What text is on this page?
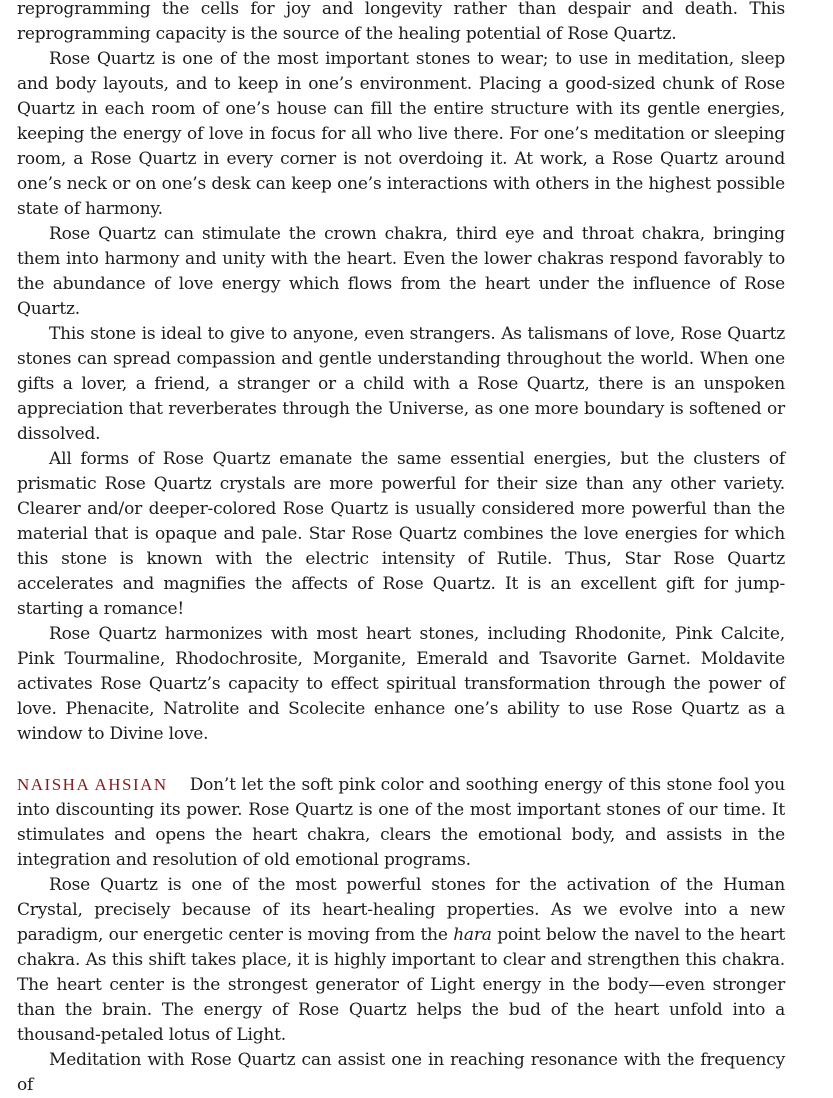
reprogramming the cells for joy and longevity rather than despair and death. This reprogramming capacity is the source of the healing potential of Rose Quartz.

Rose Quartz is one of the most important stones to wear; to use in meditation, sleep and body layouts, and to keep in one’s environment. Placing a good-sized chunk of Rose Quartz in each room of one’s house can fill the entire structure with its gentle energies, keeping the energy of love in focus for all who live there. For one’s meditation or sleeping room, a Rose Quartz in every corner is not overdoing it. At work, a Rose Quartz around one’s neck or on one’s desk can keep one’s interactions with others in the highest possible state of harmony.

Rose Quartz can stimulate the crown chakra, third eye and throat chakra, bringing them into harmony and unity with the heart. Even the lower chakras respond favorably to the abundance of love energy which flows from the heart under the influence of Rose Quartz.

This stone is ideal to give to anyone, even strangers. As talismans of love, Rose Quartz stones can spread compassion and gentle understanding throughout the world. When one gifts a lover, a friend, a stranger or a child with a Rose Quartz, there is an unspoken appreciation that reverberates through the Universe, as one more boundary is softened or dissolved.

All forms of Rose Quartz emanate the same essential energies, but the clusters of prismatic Rose Quartz crystals are more powerful for their size than any other variety. Clearer and/or deeper-colored Rose Quartz is usually considered more powerful than the material that is opaque and pale. Star Rose Quartz combines the love energies for which this stone is known with the electric intensity of Rutile. Thus, Star Rose Quartz accelerates and magnifies the affects of Rose Quartz. It is an excellent gift for jump-starting a romance!

Rose Quartz harmonizes with most heart stones, including Rhodonite, Pink Calcite, Pink Tourmaline, Rhodochrosite, Morganite, Emerald and Tsavorite Garnet. Moldavite activates Rose Quartz’s capacity to effect spiritual transformation through the power of love. Phenacite, Natrolite and Scolecite enhance one’s ability to use Rose Quartz as a window to Divine love.

NAISHA AHSIAN Don’t let the soft pink color and soothing energy of this stone fool you into discounting its power. Rose Quartz is one of the most important stones of our time. It stimulates and opens the heart chakra, clears the emotional body, and assists in the integration and resolution of old emotional programs.

Rose Quartz is one of the most powerful stones for the activation of the Human Crystal, precisely because of its heart-healing properties. As we evolve into a new paradigm, our energetic center is moving from the hara point below the navel to the heart chakra. As this shift takes place, it is highly important to clear and strengthen this chakra. The heart center is the strongest generator of Light energy in the body—even stronger than the brain. The energy of Rose Quartz helps the bud of the heart unfold into a thousand-petaled lotus of Light.

Meditation with Rose Quartz can assist one in reaching resonance with the frequency of
